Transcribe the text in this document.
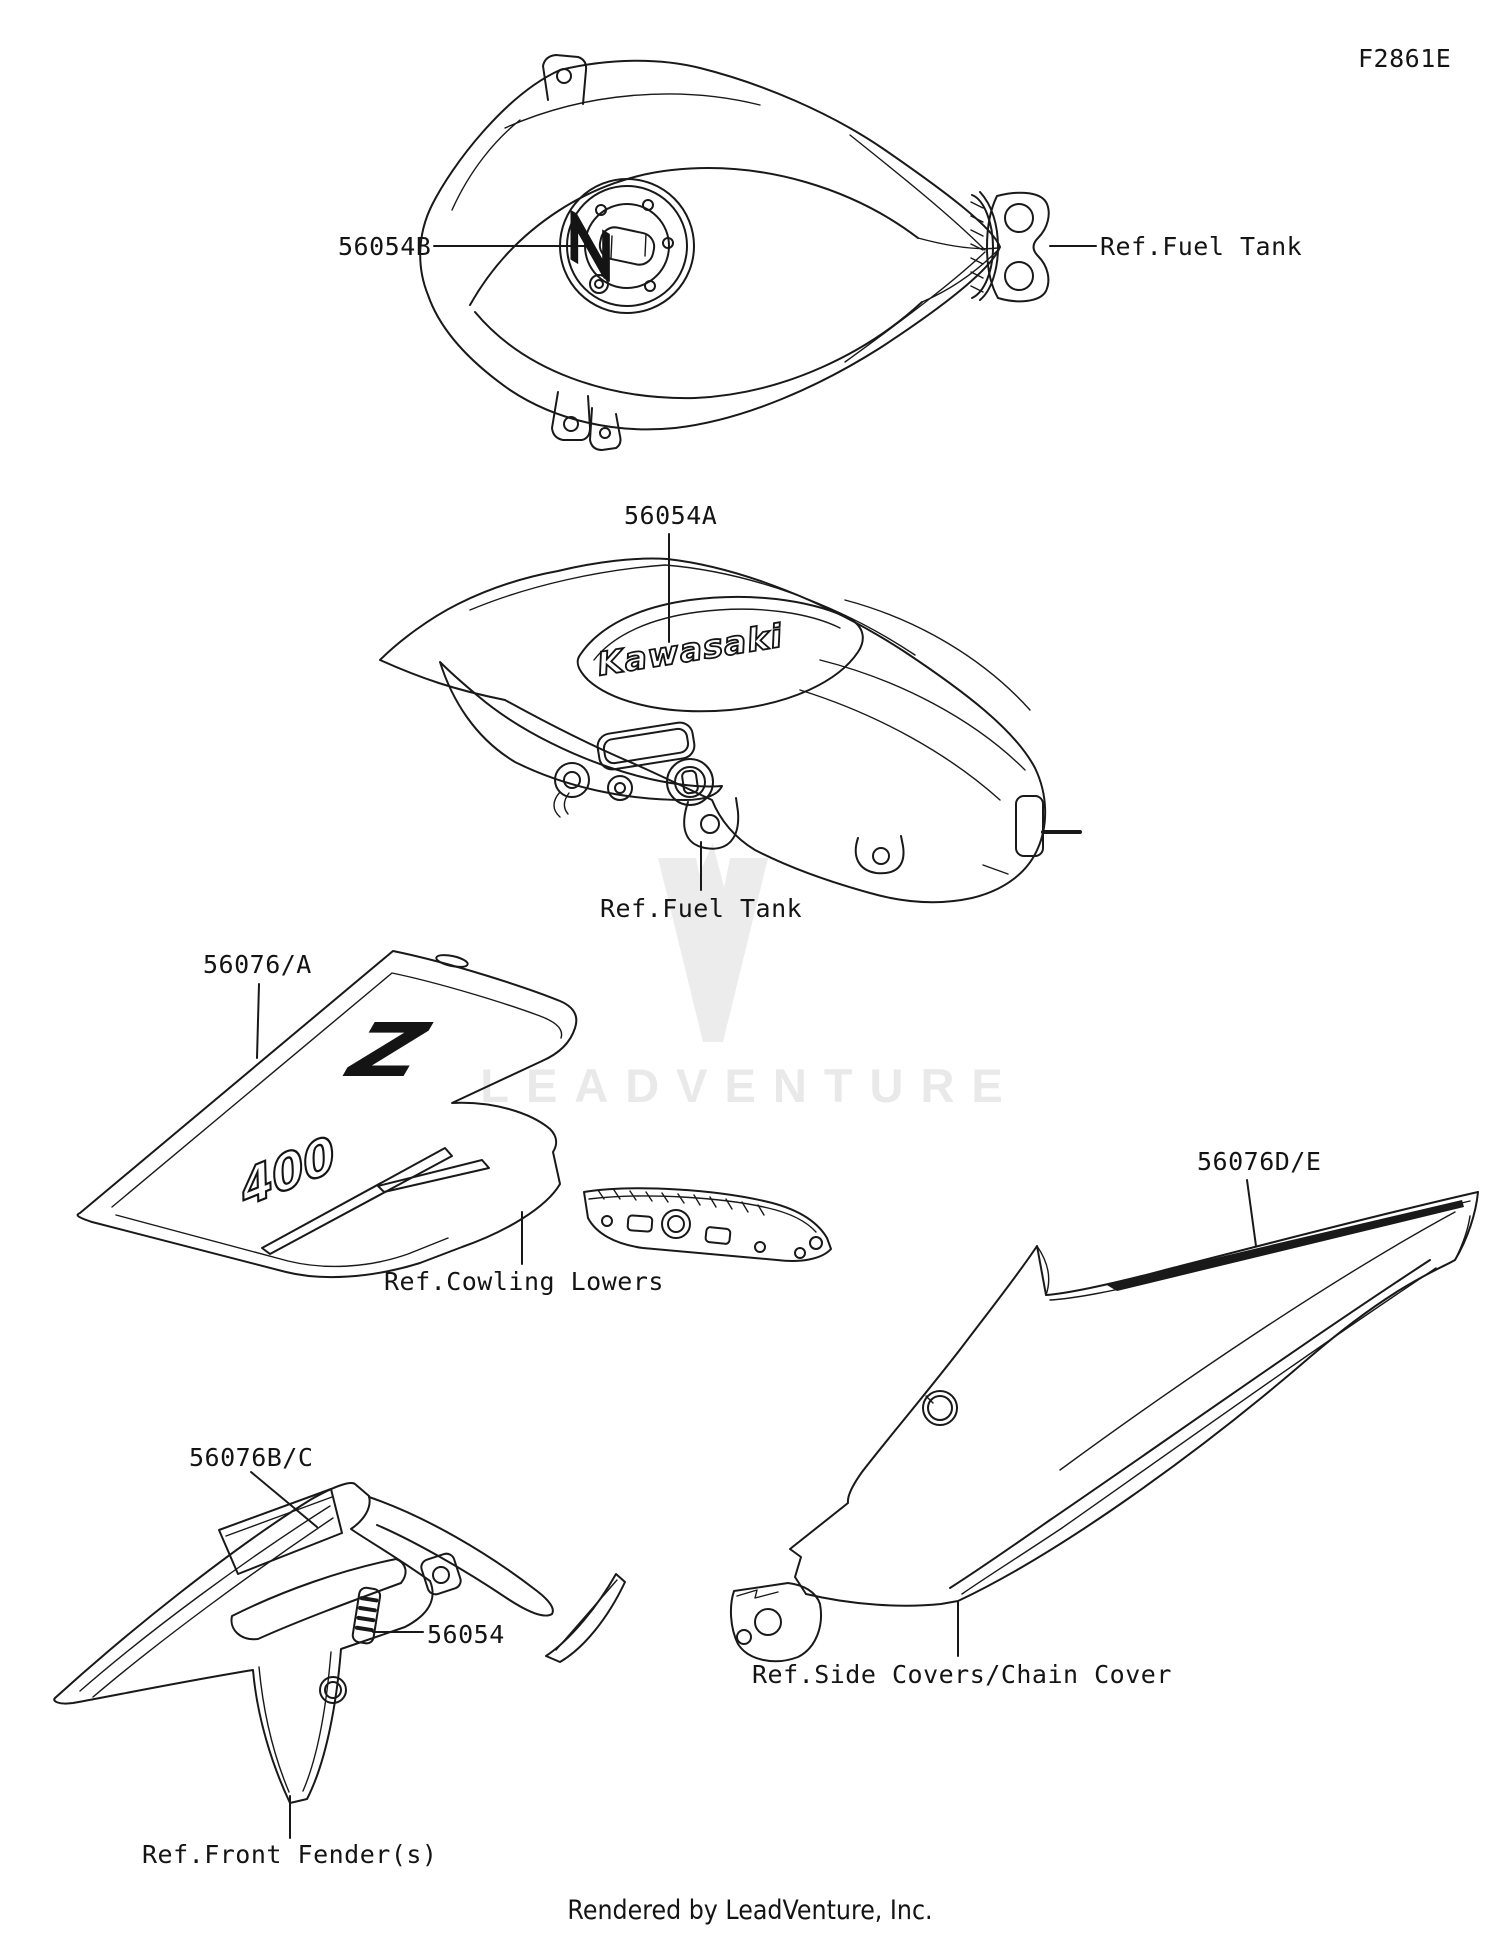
LEADVENTURE
Z
Kawasaki
Z
400
F2861E
56054B	Ref.Fuel Tank
56054A
Ref.Fuel Tank
56076/A
Ref.Cowling Lowers
56076D/E
Ref.Side Covers/Chain Cover
56076B/C
56054
Ref.Front Fender(s)
Rendered by LeadVenture, Inc.
